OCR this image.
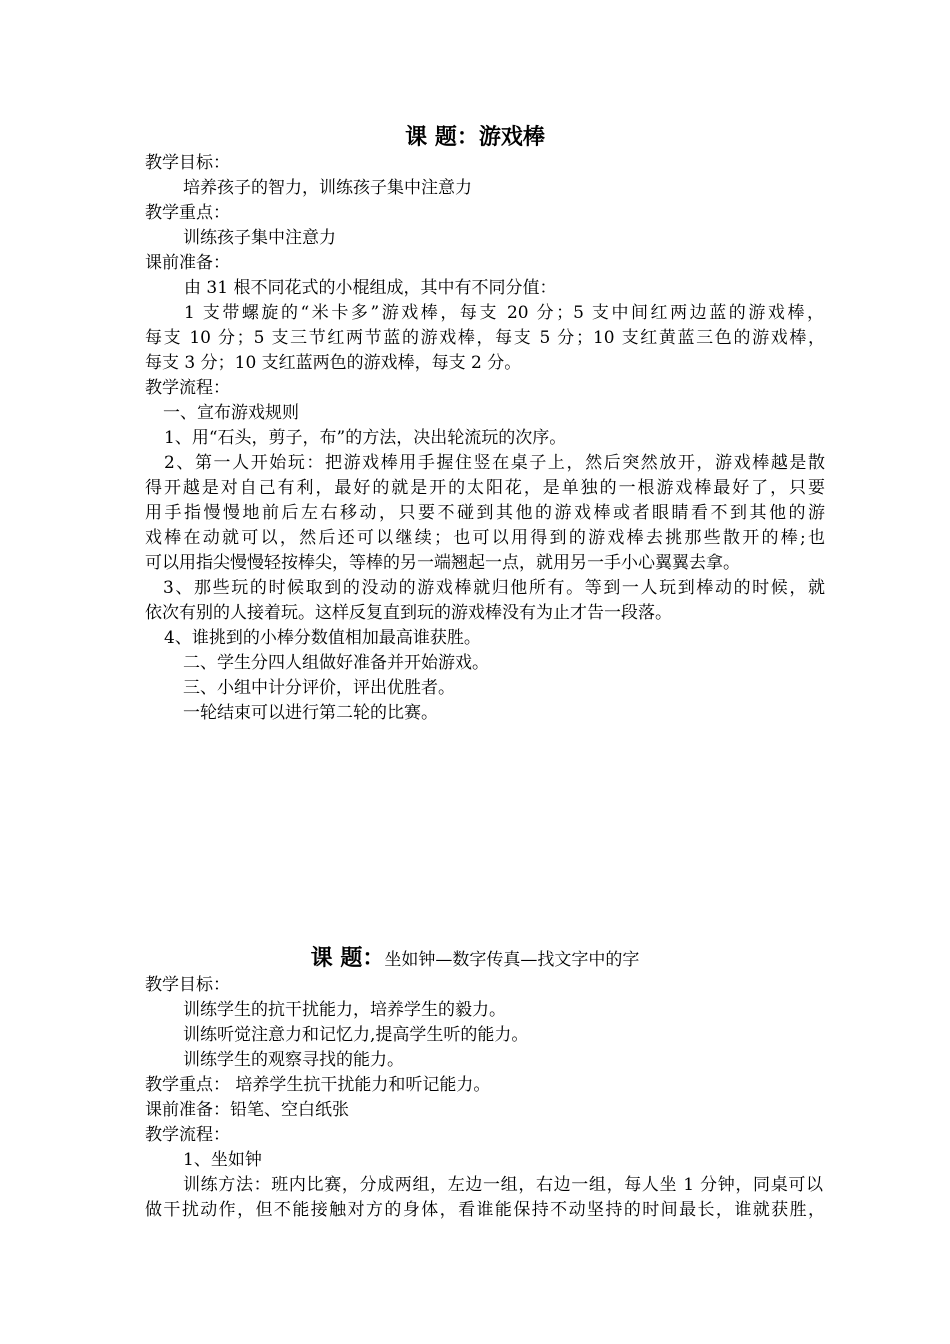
课 题：游戏棒
教学目标：
培养孩子的智力，训练孩子集中注意力
教学重点：
训练孩子集中注意力
课前准备：
由 31 根不同花式的小棍组成，其中有不同分值：
1 支带螺旋的“米卡多”游戏棒，每支 20 分；5 支中间红两边蓝的游戏棒，
每支 10 分；5 支三节红两节蓝的游戏棒，每支 5 分；10 支红黄蓝三色的游戏棒，
每支 3 分；10 支红蓝两色的游戏棒，每支 2 分。
教学流程：
一、宣布游戏规则
1、用“石头，剪子，布”的方法，决出轮流玩的次序。
2、第一人开始玩：把游戏棒用手握住竖在桌子上，然后突然放开，游戏棒越是散
得开越是对自己有利，最好的就是开的太阳花，是单独的一根游戏棒最好了，只要
用手指慢慢地前后左右移动，只要不碰到其他的游戏棒或者眼睛看不到其他的游
戏棒在动就可以，然后还可以继续；也可以用得到的游戏棒去挑那些散开的棒;也
可以用指尖慢慢轻按棒尖，等棒的另一端翘起一点，就用另一手小心翼翼去拿。
3、那些玩的时候取到的没动的游戏棒就归他所有。等到一人玩到棒动的时候，就
依次有别的人接着玩。这样反复直到玩的游戏棒没有为止才告一段落。
4、谁挑到的小棒分数值相加最高谁获胜。
二、学生分四人组做好准备并开始游戏。
三、小组中计分评价，评出优胜者。
一轮结束可以进行第二轮的比赛。
课 题：坐如钟—数字传真—找文字中的字
教学目标：
训练学生的抗干扰能力，培养学生的毅力。
训练听觉注意力和记忆力,提高学生听的能力。
训练学生的观察寻找的能力。
教学重点： 培养学生抗干扰能力和听记能力。
课前准备：铅笔、空白纸张
教学流程：
1、坐如钟
训练方法：班内比赛，分成两组，左边一组，右边一组，每人坐 1 分钟，同桌可以
做干扰动作，但不能接触对方的身体，看谁能保持不动坚持的时间最长，谁就获胜，
